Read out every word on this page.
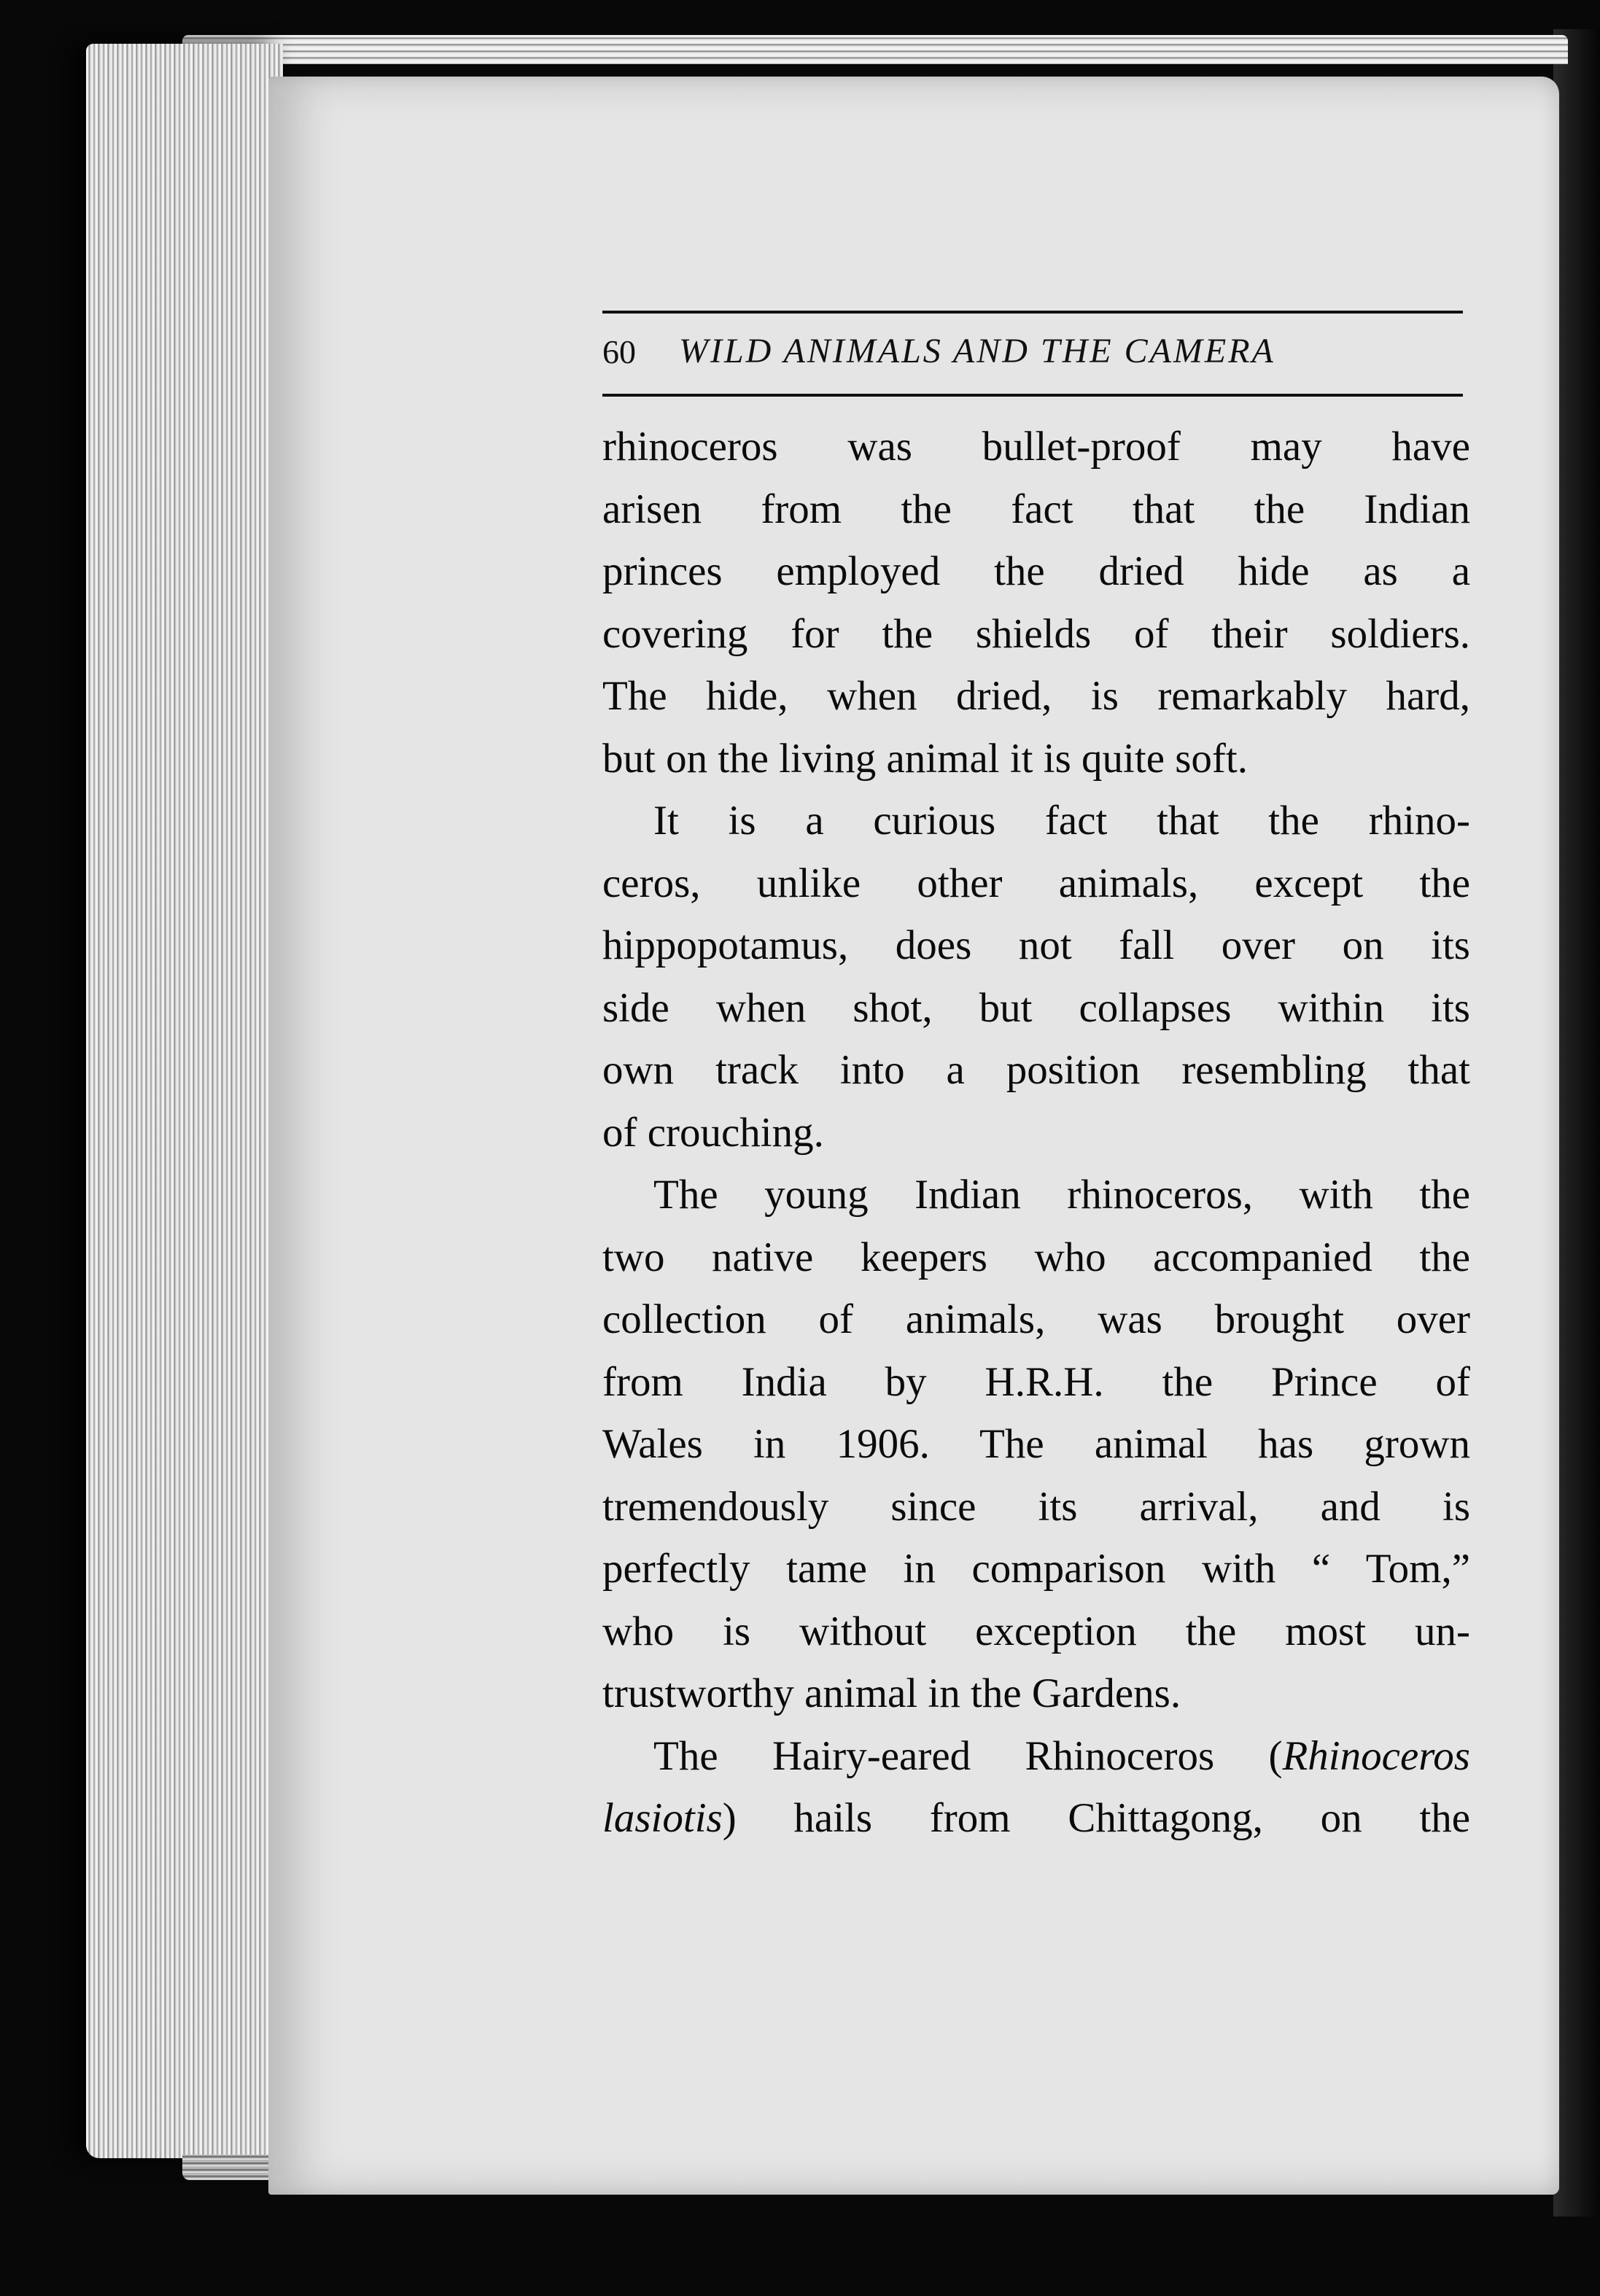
60 WILD ANIMALS AND THE CAMERA
rhinoceros was bullet-proof may have
arisen from the fact that the Indian
princes employed the dried hide as a
covering for the shields of their soldiers.
The hide, when dried, is remarkably hard,
but on the living animal it is quite soft.
It is a curious fact that the rhino-
ceros, unlike other animals, except the
hippopotamus, does not fall over on its
side when shot, but collapses within its
own track into a position resembling that
of crouching.
The young Indian rhinoceros, with the
two native keepers who accompanied the
collection of animals, was brought over
from India by H.R.H. the Prince of
Wales in 1906. The animal has grown
tremendously since its arrival, and is
perfectly tame in comparison with “ Tom,”
who is without exception the most un-
trustworthy animal in the Gardens.
The Hairy-eared Rhinoceros (Rhinoceros
lasiotis) hails from Chittagong, on the
